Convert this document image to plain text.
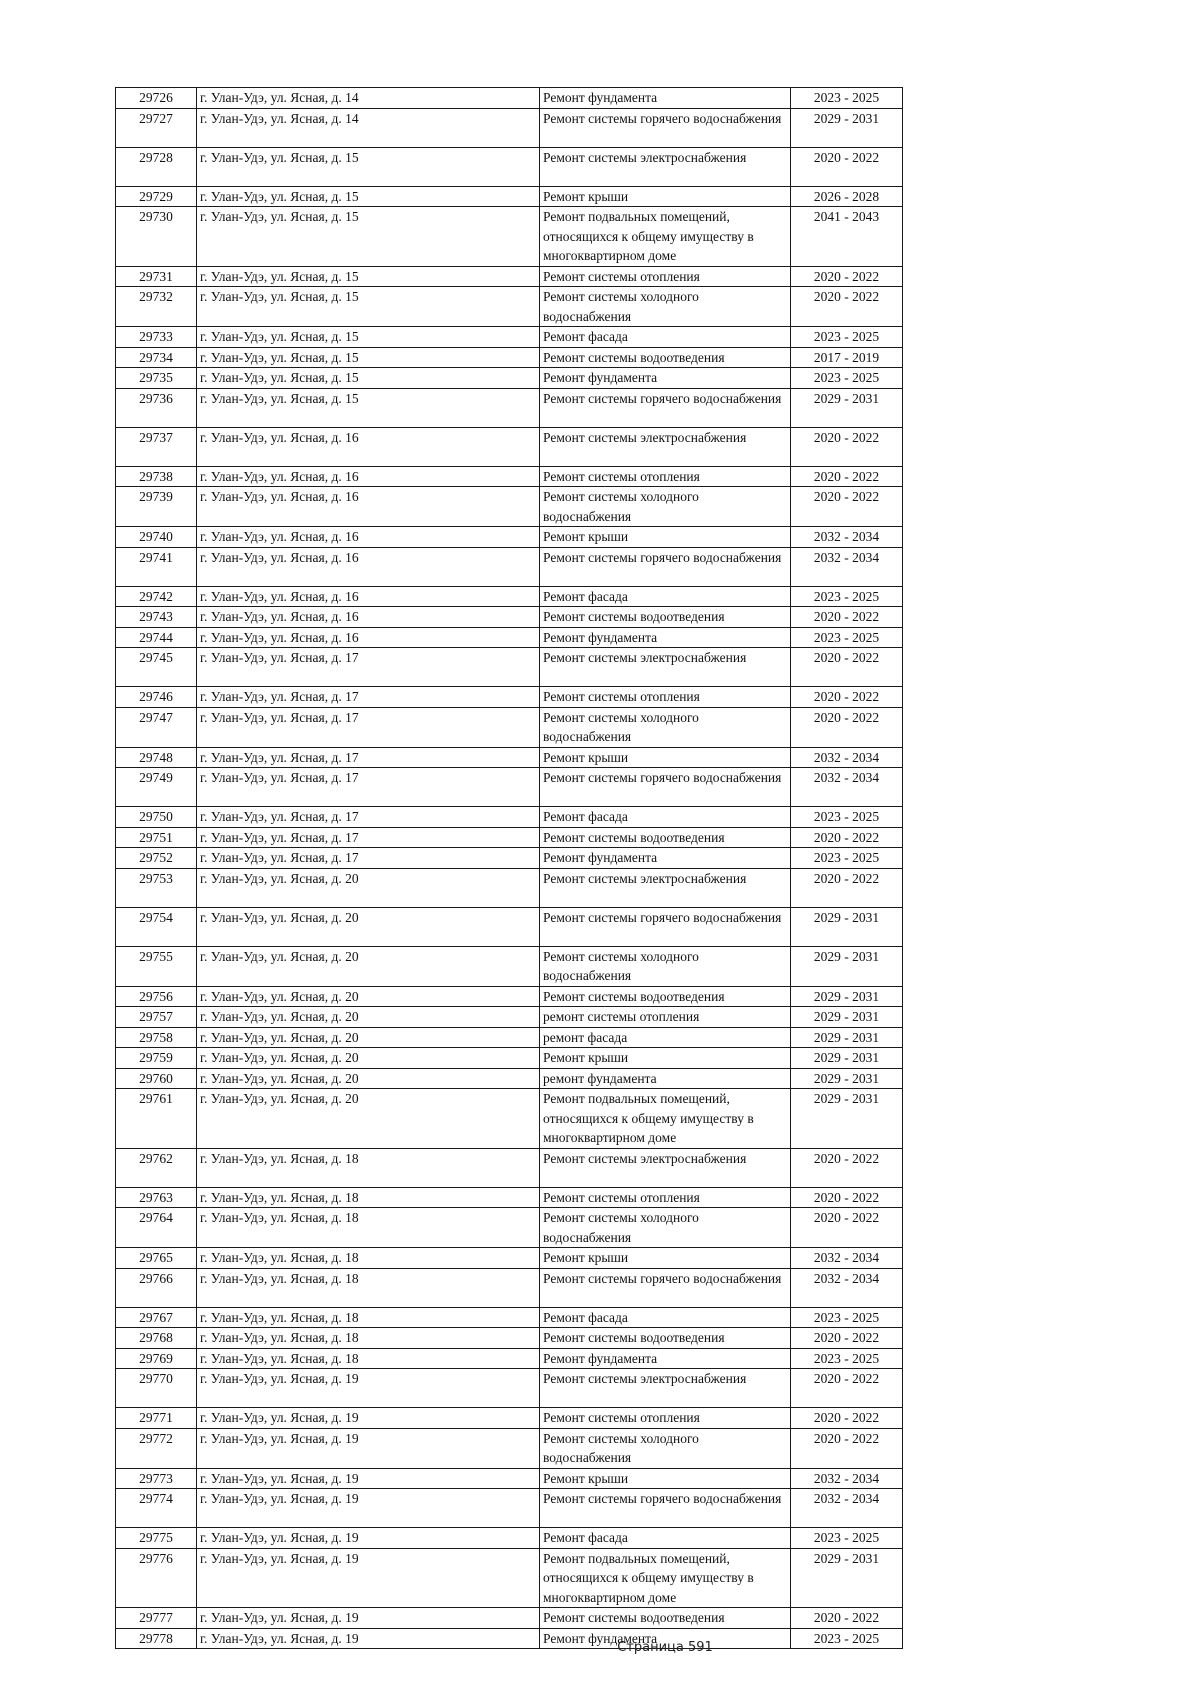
29726	г. Улан-Удэ, ул. Ясная, д. 14	Ремонт фундамента	2023 - 2025
29727	г. Улан-Удэ, ул. Ясная, д. 14	Ремонт системы горячего водоснабжения	2029 - 2031
29728	г. Улан-Удэ, ул. Ясная, д. 15	Ремонт системы электроснабжения	2020 - 2022
29729	г. Улан-Удэ, ул. Ясная, д. 15	Ремонт крыши	2026 - 2028
29730	г. Улан-Удэ, ул. Ясная, д. 15	Ремонт подвальных помещений, относящихся к общему имуществу в многоквартирном доме	2041 - 2043
29731	г. Улан-Удэ, ул. Ясная, д. 15	Ремонт системы отопления	2020 - 2022
29732	г. Улан-Удэ, ул. Ясная, д. 15	Ремонт системы холодного водоснабжения	2020 - 2022
29733	г. Улан-Удэ, ул. Ясная, д. 15	Ремонт фасада	2023 - 2025
29734	г. Улан-Удэ, ул. Ясная, д. 15	Ремонт системы водоотведения	2017 - 2019
29735	г. Улан-Удэ, ул. Ясная, д. 15	Ремонт фундамента	2023 - 2025
29736	г. Улан-Удэ, ул. Ясная, д. 15	Ремонт системы горячего водоснабжения	2029 - 2031
29737	г. Улан-Удэ, ул. Ясная, д. 16	Ремонт системы электроснабжения	2020 - 2022
29738	г. Улан-Удэ, ул. Ясная, д. 16	Ремонт системы отопления	2020 - 2022
29739	г. Улан-Удэ, ул. Ясная, д. 16	Ремонт системы холодного водоснабжения	2020 - 2022
29740	г. Улан-Удэ, ул. Ясная, д. 16	Ремонт крыши	2032 - 2034
29741	г. Улан-Удэ, ул. Ясная, д. 16	Ремонт системы горячего водоснабжения	2032 - 2034
29742	г. Улан-Удэ, ул. Ясная, д. 16	Ремонт фасада	2023 - 2025
29743	г. Улан-Удэ, ул. Ясная, д. 16	Ремонт системы водоотведения	2020 - 2022
29744	г. Улан-Удэ, ул. Ясная, д. 16	Ремонт фундамента	2023 - 2025
29745	г. Улан-Удэ, ул. Ясная, д. 17	Ремонт системы электроснабжения	2020 - 2022
29746	г. Улан-Удэ, ул. Ясная, д. 17	Ремонт системы отопления	2020 - 2022
29747	г. Улан-Удэ, ул. Ясная, д. 17	Ремонт системы холодного водоснабжения	2020 - 2022
29748	г. Улан-Удэ, ул. Ясная, д. 17	Ремонт крыши	2032 - 2034
29749	г. Улан-Удэ, ул. Ясная, д. 17	Ремонт системы горячего водоснабжения	2032 - 2034
29750	г. Улан-Удэ, ул. Ясная, д. 17	Ремонт фасада	2023 - 2025
29751	г. Улан-Удэ, ул. Ясная, д. 17	Ремонт системы водоотведения	2020 - 2022
29752	г. Улан-Удэ, ул. Ясная, д. 17	Ремонт фундамента	2023 - 2025
29753	г. Улан-Удэ, ул. Ясная, д. 20	Ремонт системы электроснабжения	2020 - 2022
29754	г. Улан-Удэ, ул. Ясная, д. 20	Ремонт системы горячего водоснабжения	2029 - 2031
29755	г. Улан-Удэ, ул. Ясная, д. 20	Ремонт системы холодного водоснабжения	2029 - 2031
29756	г. Улан-Удэ, ул. Ясная, д. 20	Ремонт системы водоотведения	2029 - 2031
29757	г. Улан-Удэ, ул. Ясная, д. 20	ремонт системы отопления	2029 - 2031
29758	г. Улан-Удэ, ул. Ясная, д. 20	ремонт фасада	2029 - 2031
29759	г. Улан-Удэ, ул. Ясная, д. 20	Ремонт крыши	2029 - 2031
29760	г. Улан-Удэ, ул. Ясная, д. 20	ремонт фундамента	2029 - 2031
29761	г. Улан-Удэ, ул. Ясная, д. 20	Ремонт подвальных помещений, относящихся к общему имуществу в многоквартирном доме	2029 - 2031
29762	г. Улан-Удэ, ул. Ясная, д. 18	Ремонт системы электроснабжения	2020 - 2022
29763	г. Улан-Удэ, ул. Ясная, д. 18	Ремонт системы отопления	2020 - 2022
29764	г. Улан-Удэ, ул. Ясная, д. 18	Ремонт системы холодного водоснабжения	2020 - 2022
29765	г. Улан-Удэ, ул. Ясная, д. 18	Ремонт крыши	2032 - 2034
29766	г. Улан-Удэ, ул. Ясная, д. 18	Ремонт системы горячего водоснабжения	2032 - 2034
29767	г. Улан-Удэ, ул. Ясная, д. 18	Ремонт фасада	2023 - 2025
29768	г. Улан-Удэ, ул. Ясная, д. 18	Ремонт системы водоотведения	2020 - 2022
29769	г. Улан-Удэ, ул. Ясная, д. 18	Ремонт фундамента	2023 - 2025
29770	г. Улан-Удэ, ул. Ясная, д. 19	Ремонт системы электроснабжения	2020 - 2022
29771	г. Улан-Удэ, ул. Ясная, д. 19	Ремонт системы отопления	2020 - 2022
29772	г. Улан-Удэ, ул. Ясная, д. 19	Ремонт системы холодного водоснабжения	2020 - 2022
29773	г. Улан-Удэ, ул. Ясная, д. 19	Ремонт крыши	2032 - 2034
29774	г. Улан-Удэ, ул. Ясная, д. 19	Ремонт системы горячего водоснабжения	2032 - 2034
29775	г. Улан-Удэ, ул. Ясная, д. 19	Ремонт фасада	2023 - 2025
29776	г. Улан-Удэ, ул. Ясная, д. 19	Ремонт подвальных помещений, относящихся к общему имуществу в многоквартирном доме	2029 - 2031
29777	г. Улан-Удэ, ул. Ясная, д. 19	Ремонт системы водоотведения	2020 - 2022
29778	г. Улан-Удэ, ул. Ясная, д. 19	Ремонт фундамента	2023 - 2025
Страница 591
